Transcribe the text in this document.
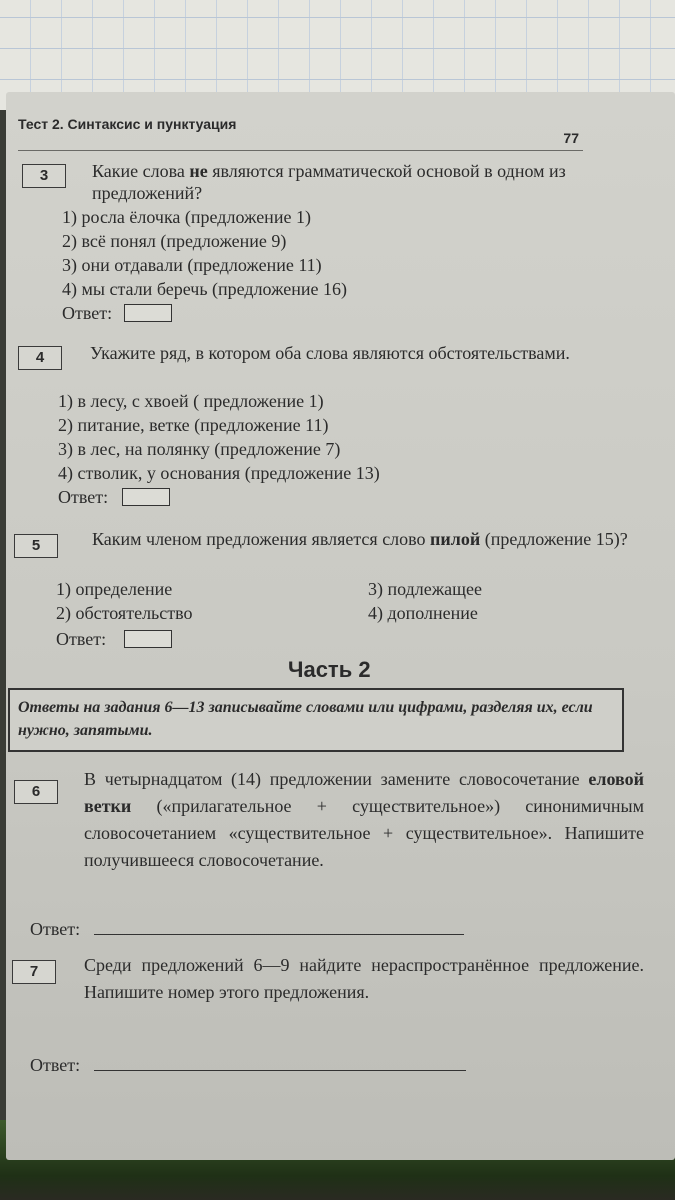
Тест 2. Синтаксис и пунктуация
77
3	Какие слова не являются грамматической основой в одном из предложений?
1) росла ёлочка (предложение 1)
2) всё понял (предложение 9)
3) они отдавали (предложение 11)
4) мы стали беречь (предложение 16)
Ответ:
4	Укажите ряд, в котором оба слова являются обстоятельствами.
1) в лесу, с хвоей ( предложение 1)
2) питание, ветке (предложение 11)
3) в лес, на полянку (предложение 7)
4) стволик, у основания (предложение 13)
Ответ:
5	Каким членом предложения является слово пилой (предложение 15)?
1) определение
2) обстоятельство
3) подлежащее
4) дополнение
Ответ:
Часть 2
Ответы на задания 6—13 записывайте словами или цифрами, разделяя их, если нужно, запятыми.
6
В четырнадцатом (14) предложении замените словосочетание еловой ветки («прилагательное + существительное») синонимичным словосочетанием «существительное + существительное». Напишите получившееся словосочетание.
Ответ:
7	Среди предложений 6—9 найдите нераспространённое предложение. Напишите номер этого предложения.
Ответ:
